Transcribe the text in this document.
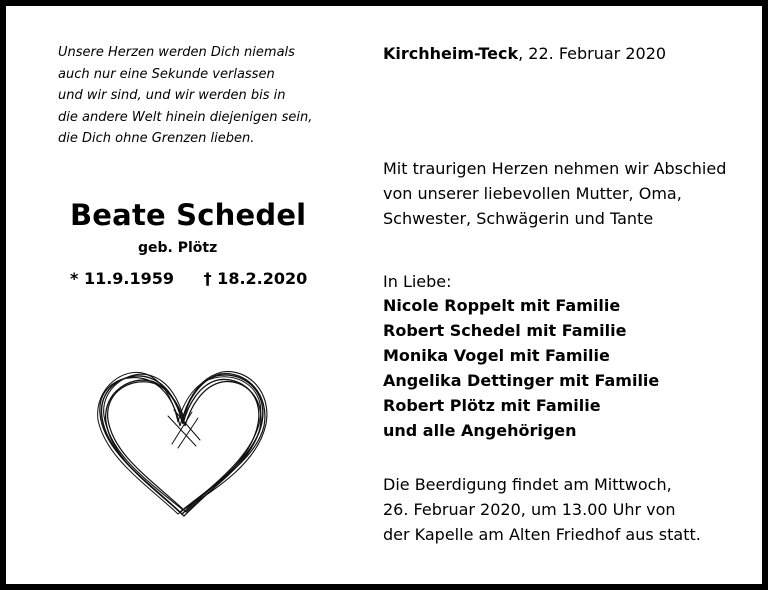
Unsere Herzen werden Dich niemals
auch nur eine Sekunde verlassen
und wir sind, und wir werden bis in
die andere Welt hinein diejenigen sein,
die Dich ohne Grenzen lieben.
Beate Schedel
geb. Plötz
* 11.9.1959 † 18.2.2020
Kirchheim-Teck, 22. Februar 2020
Mit traurigen Herzen nehmen wir Abschied
von unserer liebevollen Mutter, Oma,
Schwester, Schwägerin und Tante
In Liebe:
Nicole Roppelt mit Familie
Robert Schedel mit Familie
Monika Vogel mit Familie
Angelika Dettinger mit Familie
Robert Plötz mit Familie
und alle Angehörigen
Die Beerdigung findet am Mittwoch,
26. Februar 2020, um 13.00 Uhr von
der Kapelle am Alten Friedhof aus statt.
